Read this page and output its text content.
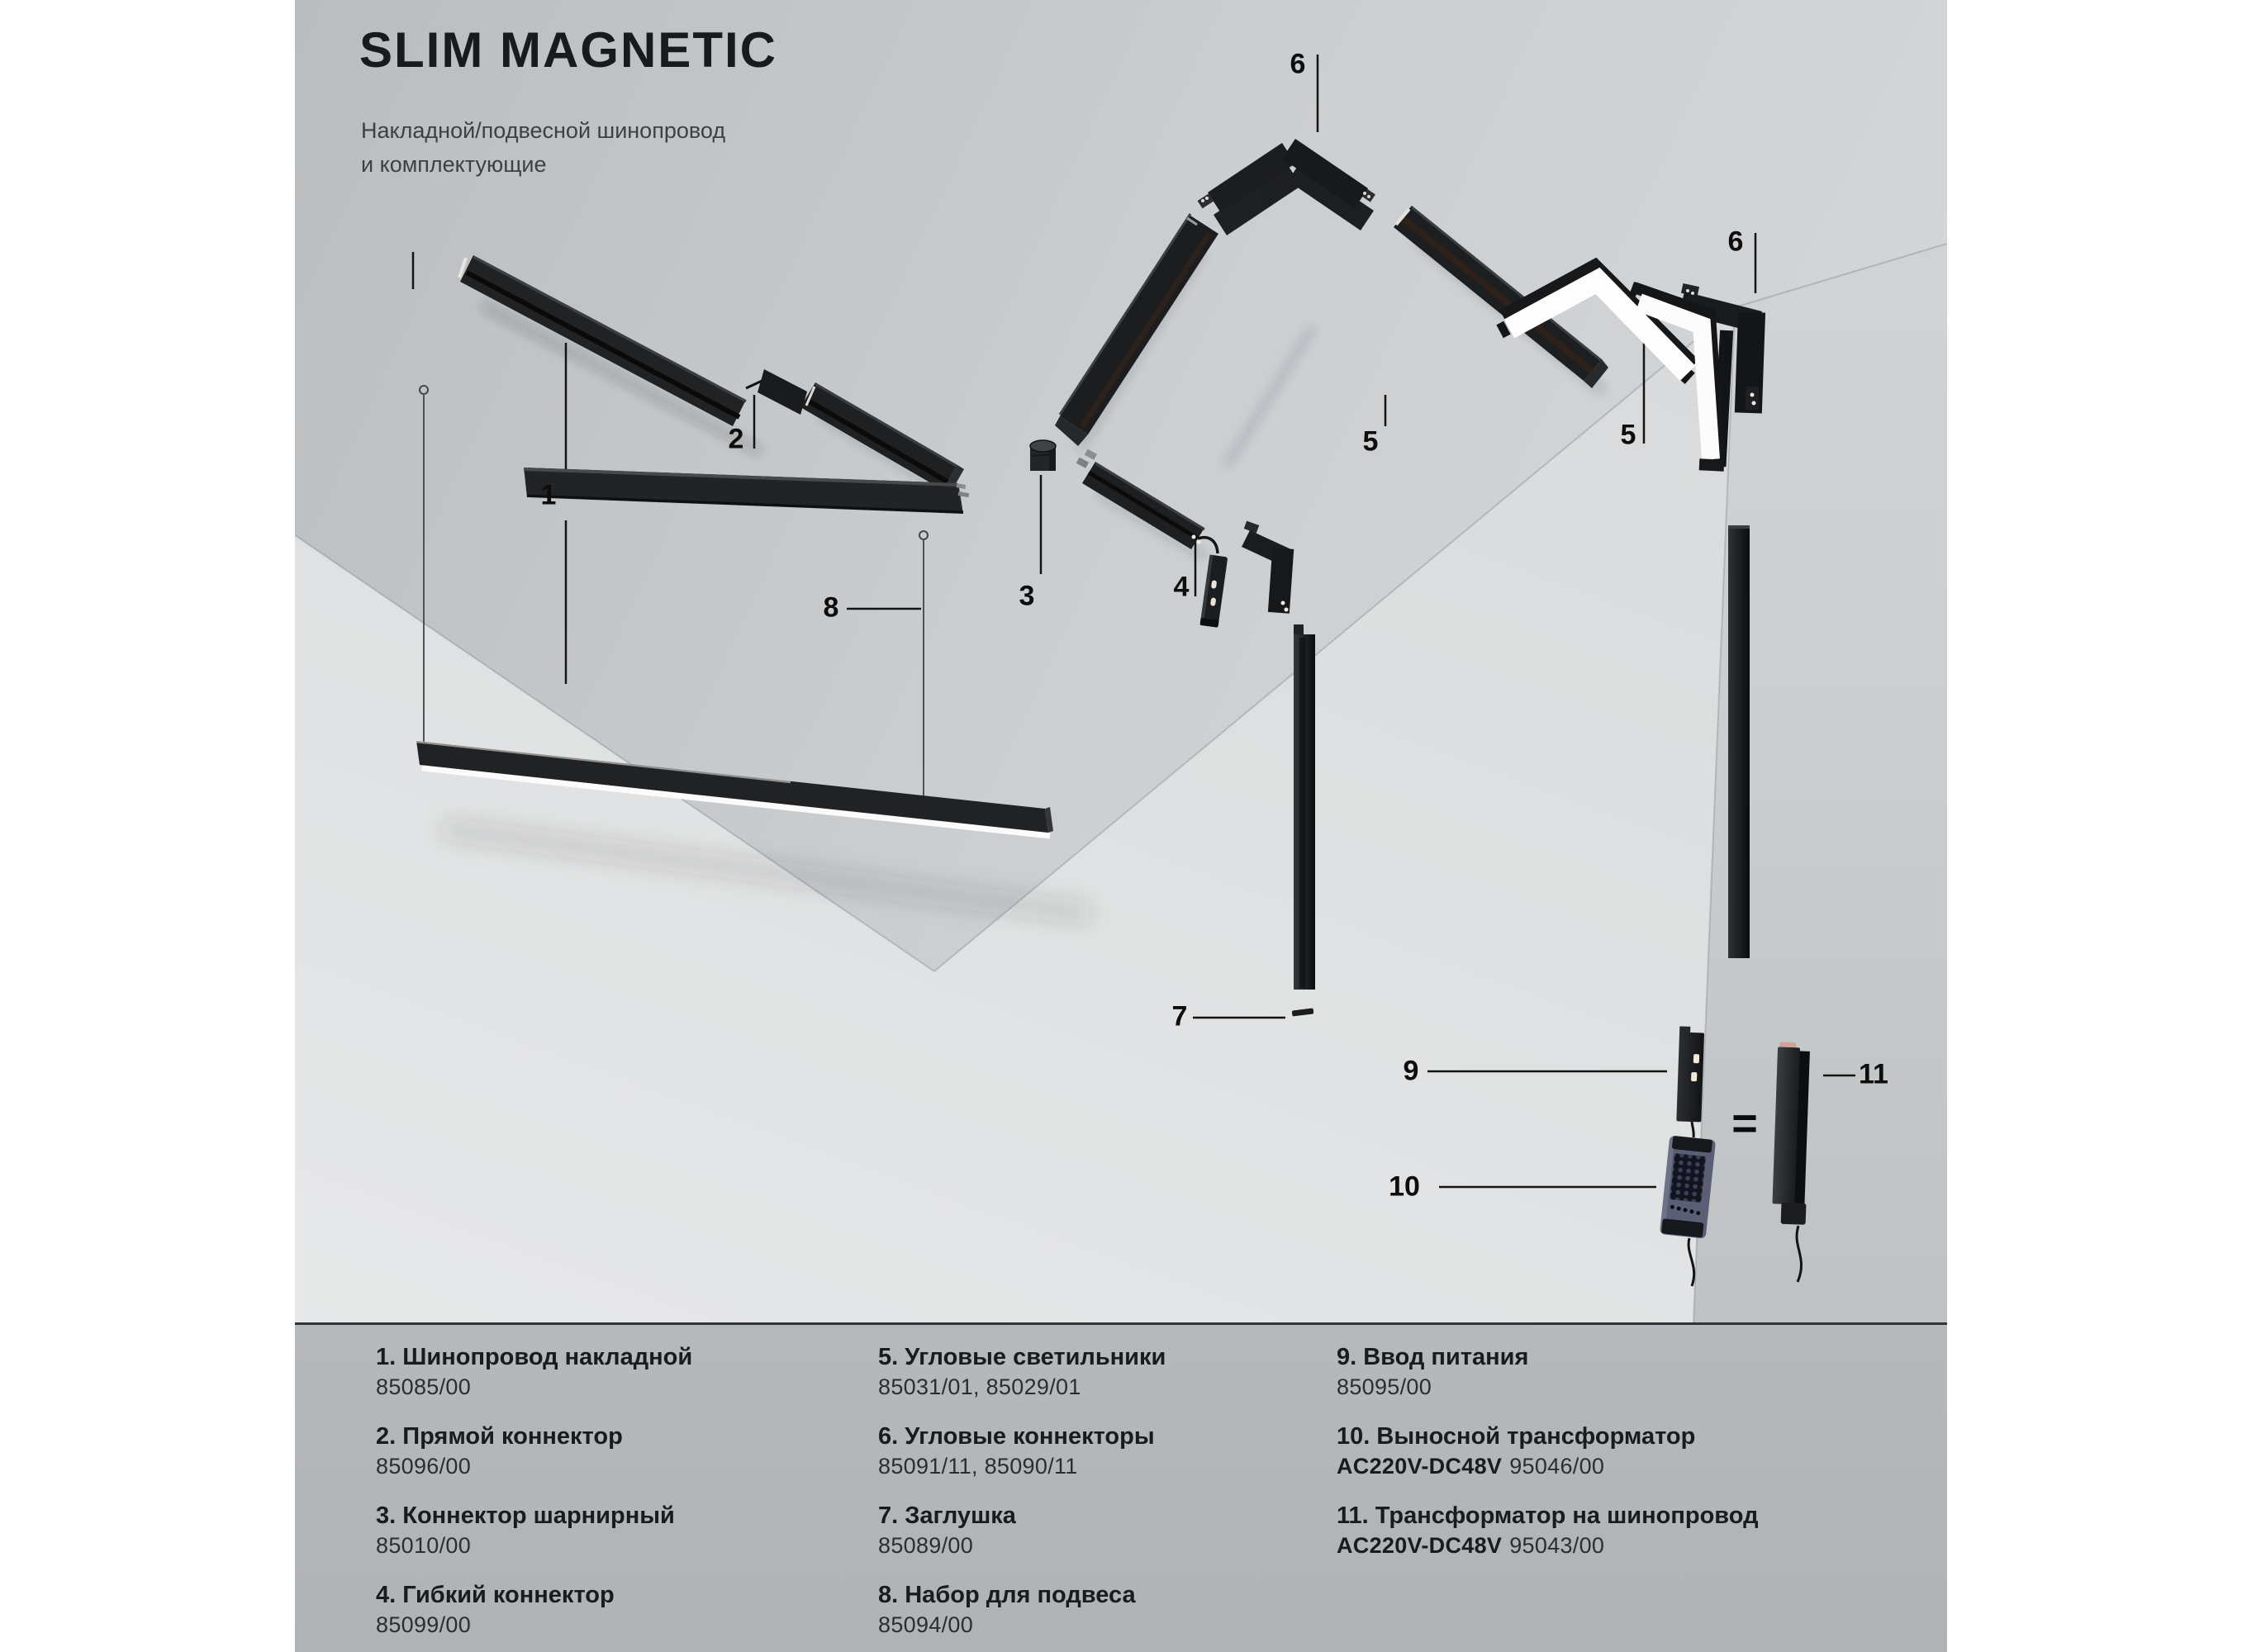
SLIM MAGNETIC
Накладной/подвесной шинопровод
и комплектующие
1
2
3	4
5	5
6
6
7
8
9
10
11
=
1. Шинопровод накладной
85085/00
2. Прямой коннектор
85096/00
3. Коннектор шарнирный
85010/00
4. Гибкий коннектор
85099/00
5. Угловые светильники
85031/01, 85029/01
6. Угловые коннекторы
85091/11, 85090/11
7. Заглушка
85089/00
8. Набор для подвеса
85094/00
9. Ввод питания
85095/00
10. Выносной трансформатор
AC220V-DC48V 95046/00
11. Трансформатор на шинопровод
AC220V-DC48V 95043/00
